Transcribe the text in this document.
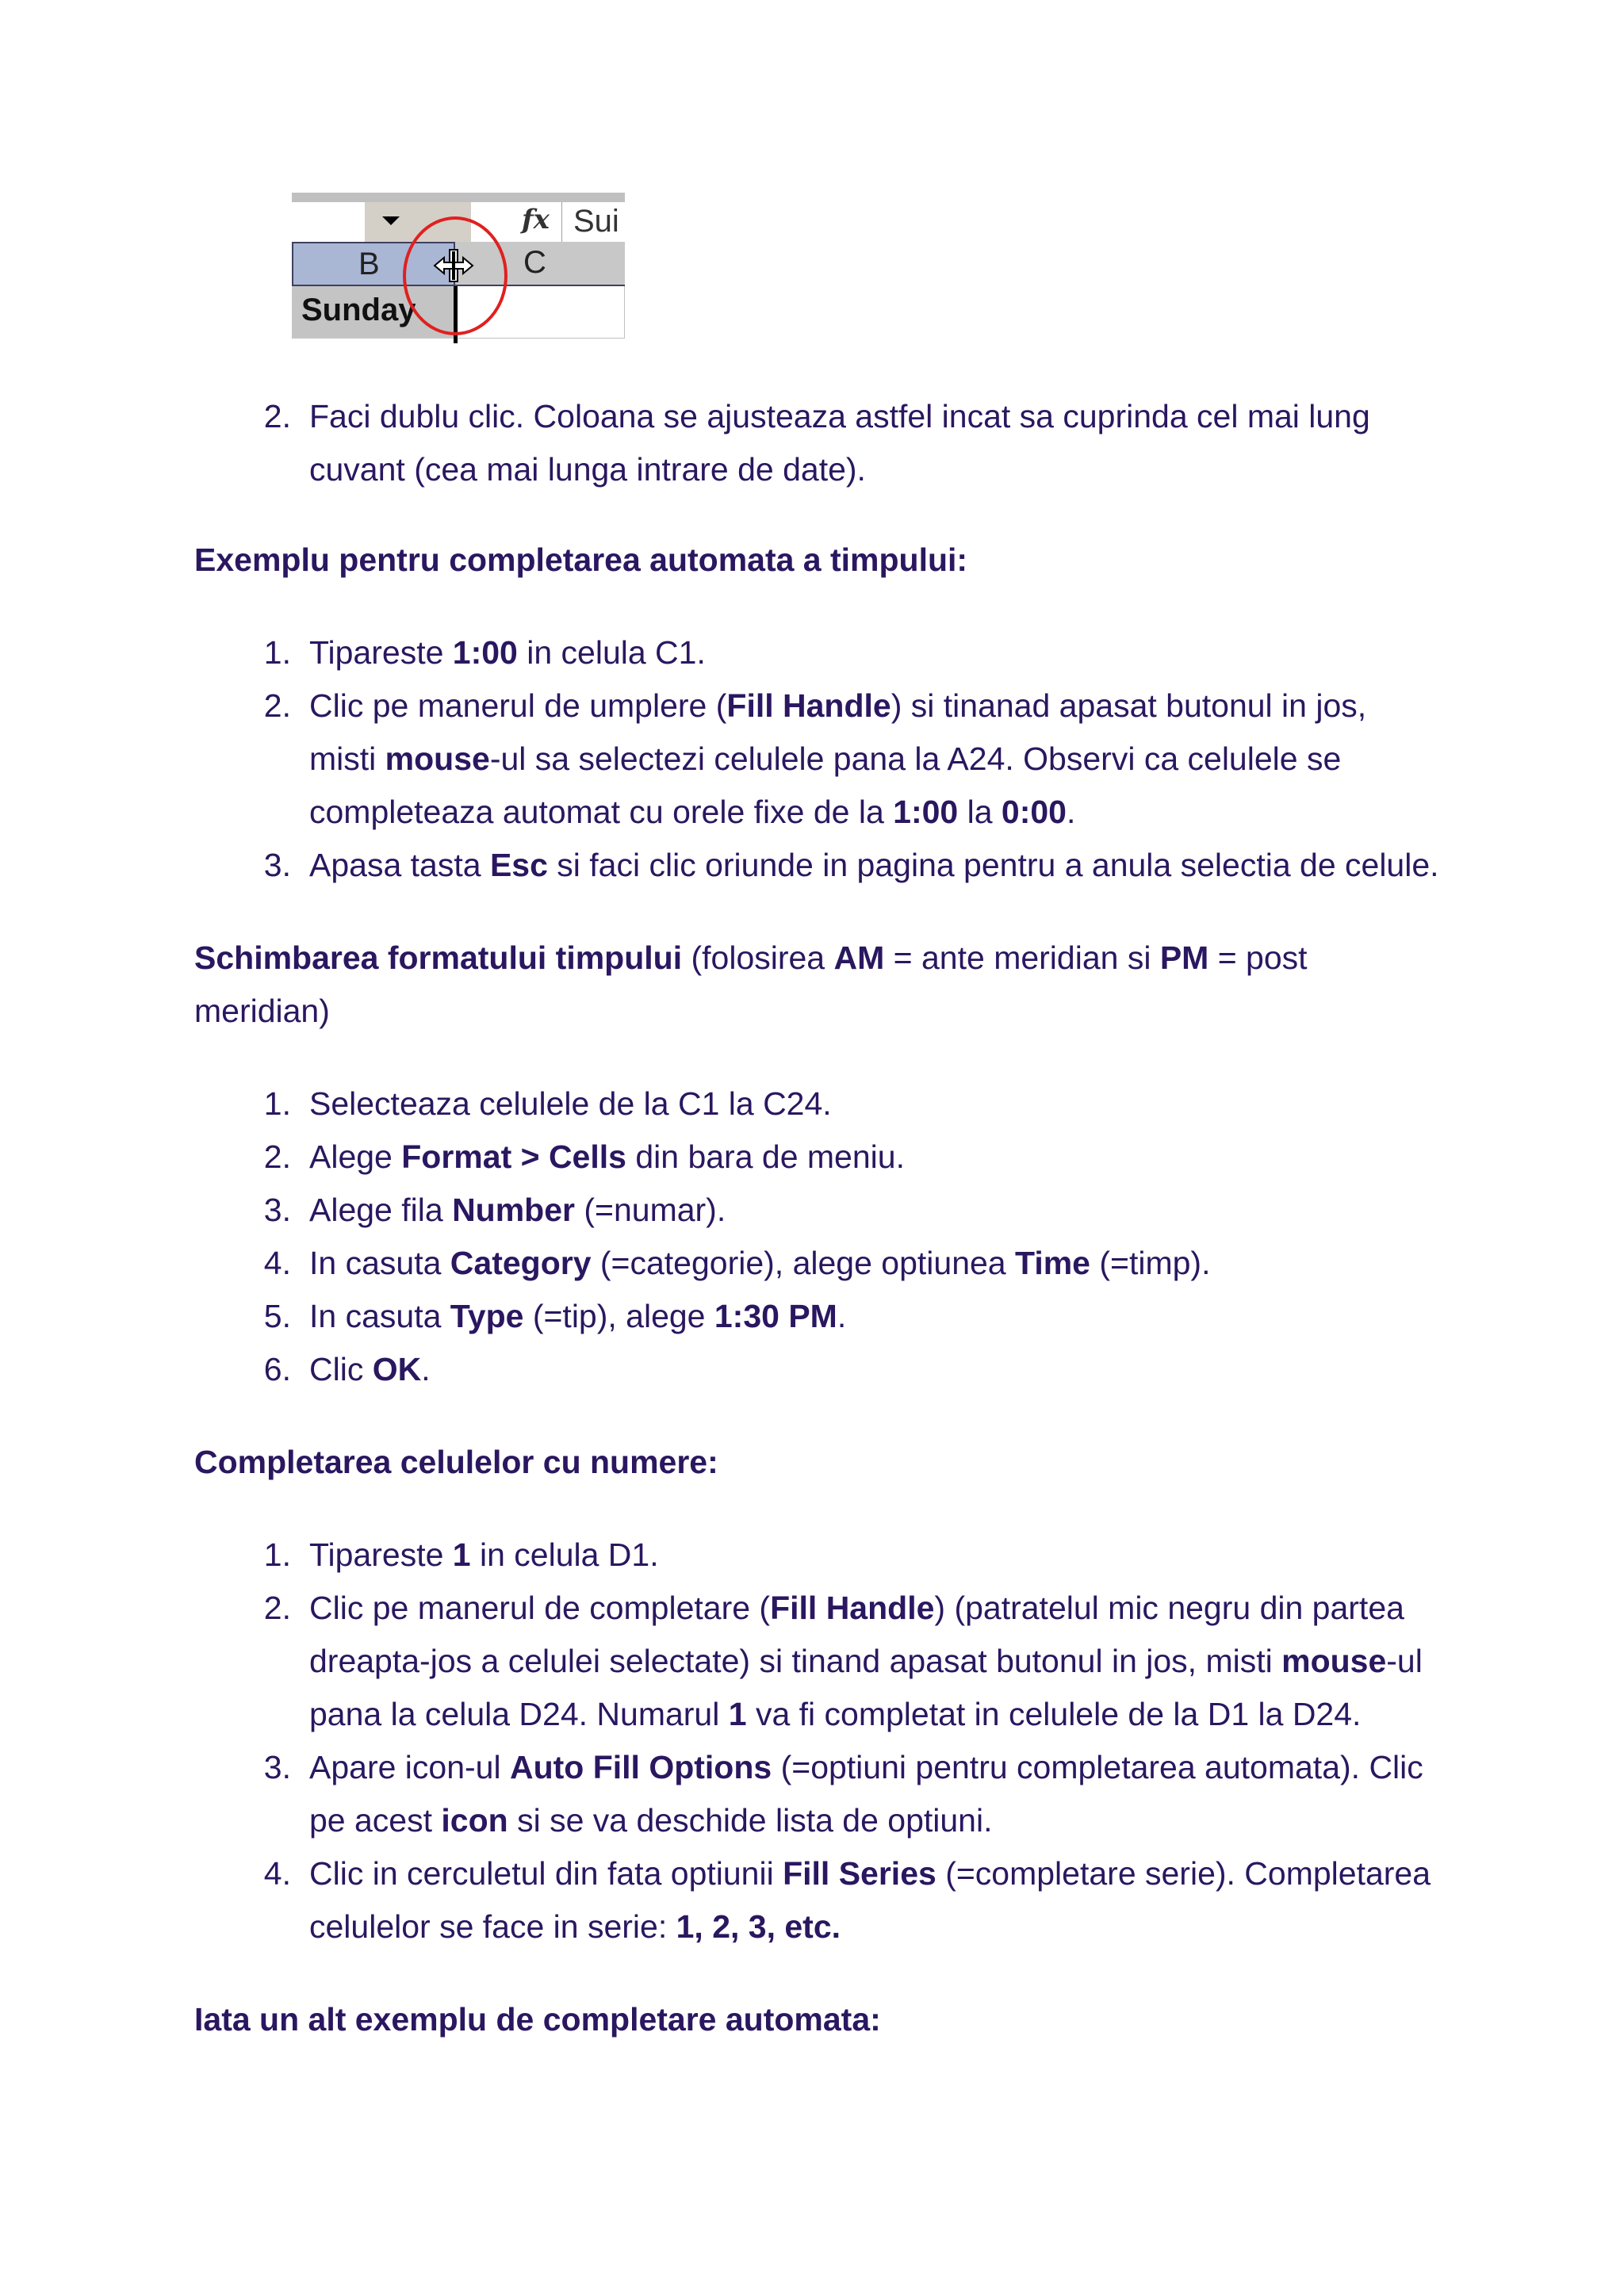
fx Sui
B	C
Sunday
2. Faci dublu clic. Coloana se ajusteaza astfel incat sa cuprinda cel mai lung
cuvant (cea mai lunga intrare de date).
Exemplu pentru completarea automata a timpului:
1. Tipareste 1:00 in celula C1.
2. Clic pe manerul de umplere (Fill Handle) si tinanad apasat butonul in jos,
misti mouse-ul sa selectezi celulele pana la A24. Observi ca celulele se
completeaza automat cu orele fixe de la 1:00 la 0:00.
3. Apasa tasta Esc si faci clic oriunde in pagina pentru a anula selectia de celule.
Schimbarea formatului timpului (folosirea AM = ante meridian si PM = post
meridian)
1. Selecteaza celulele de la C1 la C24.
2. Alege Format > Cells din bara de meniu.
3. Alege fila Number (=numar).
4. In casuta Category (=categorie), alege optiunea Time (=timp).
5. In casuta Type (=tip), alege 1:30 PM.
6. Clic OK.
Completarea celulelor cu numere:
1. Tipareste 1 in celula D1.
2. Clic pe manerul de completare (Fill Handle) (patratelul mic negru din partea
dreapta-jos a celulei selectate) si tinand apasat butonul in jos, misti mouse-ul
pana la celula D24. Numarul 1 va fi completat in celulele de la D1 la D24.
3. Apare icon-ul Auto Fill Options (=optiuni pentru completarea automata). Clic
pe acest icon si se va deschide lista de optiuni.
4. Clic in cerculetul din fata optiunii Fill Series (=completare serie). Completarea
celulelor se face in serie: 1, 2, 3, etc.
Iata un alt exemplu de completare automata:
